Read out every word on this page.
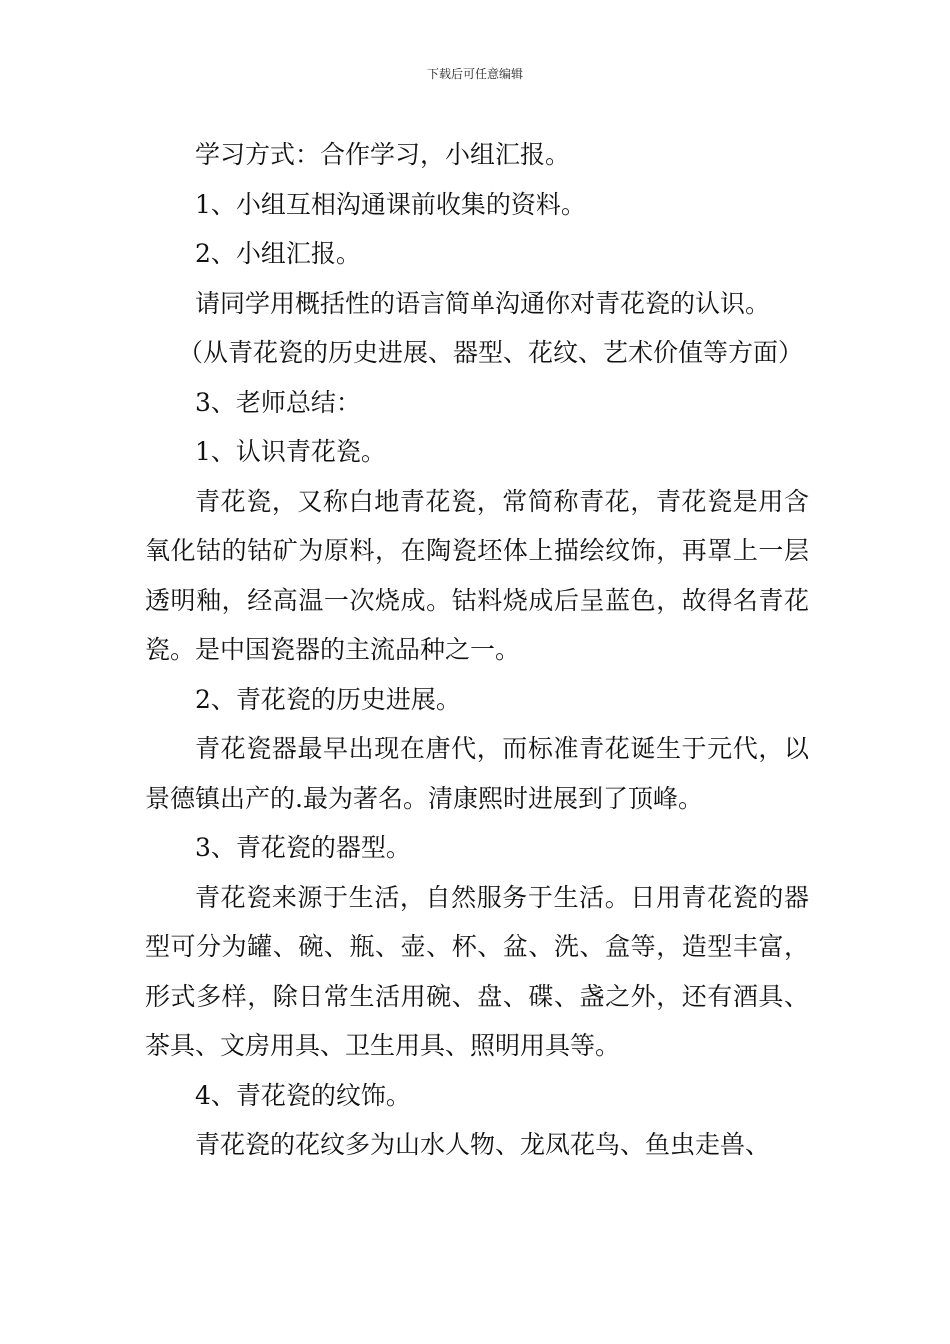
下载后可任意编辑

学习方式：合作学习，小组汇报。

1、小组互相沟通课前收集的资料。

2、小组汇报。

请同学用概括性的语言简单沟通你对青花瓷的认识。

（从青花瓷的历史进展、器型、花纹、艺术价值等方面）

3、老师总结：

1、认识青花瓷。

青花瓷，又称白地青花瓷，常简称青花，青花瓷是用含氧化钴的钴矿为原料，在陶瓷坯体上描绘纹饰，再罩上一层透明釉，经高温一次烧成。钴料烧成后呈蓝色，故得名青花瓷。是中国瓷器的主流品种之一。

2、青花瓷的历史进展。

青花瓷器最早出现在唐代，而标准青花诞生于元代，以景德镇出产的.最为著名。清康熙时进展到了顶峰。

3、青花瓷的器型。

青花瓷来源于生活，自然服务于生活。日用青花瓷的器型可分为罐、碗、瓶、壶、杯、盆、洗、盒等，造型丰富，形式多样，除日常生活用碗、盘、碟、盏之外，还有酒具、茶具、文房用具、卫生用具、照明用具等。

4、青花瓷的纹饰。

青花瓷的花纹多为山水人物、龙凤花鸟、鱼虫走兽、
